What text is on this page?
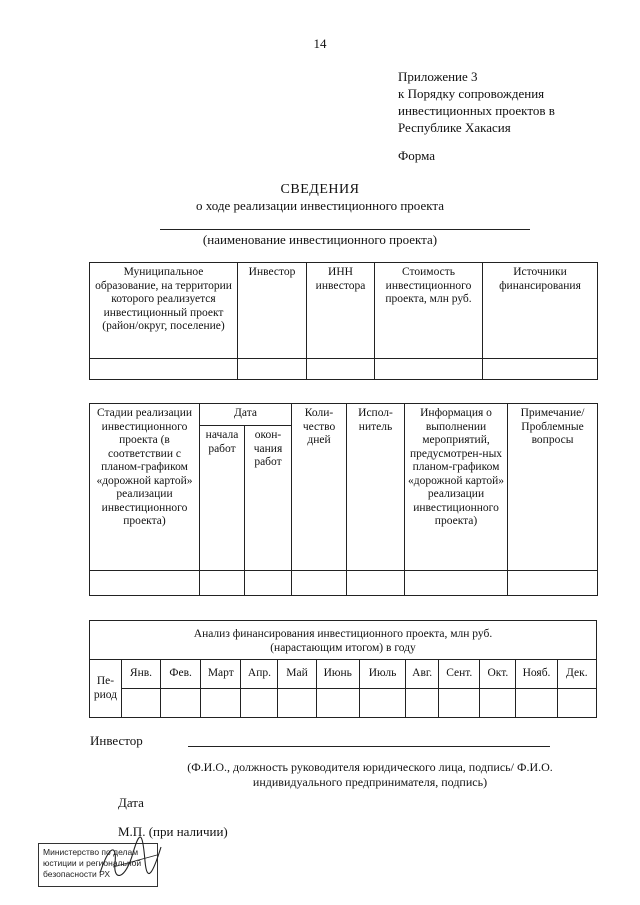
14
Приложение 3
к Порядку сопровождения
инвестиционных проектов в
Республике Хакасия
Форма
СВЕДЕНИЯ
о ходе реализации инвестиционного проекта
(наименование инвестиционного проекта)
Муниципальное образование, на территории которого реализуется инвестиционный проект (район/округ, поселение)	Инвестор	ИНН инвестора	Стоимость инвестиционного проекта, млн руб.	Источники финансирования

Стадии реализации инвестиционного проекта (в соответствии с планом-графиком «дорожной картой» реализации инвестиционного проекта)	Дата		Коли-чество дней	Испол-нитель	Информация о выполнении мероприятий, предусмотрен-ных планом-графиком «дорожной картой» реализации инвестиционного проекта)	Примечание/ Проблемные вопросы
	начала работ	окон-чания работ				

Анализ финансирования инвестиционного проекта, млн руб.
(нарастающим итогом) в году												

Пе-риод	Янв.	Фев.	Март	Апр.	Май	Июнь	Июль	Авг.	Сент.	Окт.	Нояб.	Дек.

Инвестор
(Ф.И.О., должность руководителя юридического лица, подпись/ Ф.И.О. индивидуального предпринимателя, подпись)
Дата
М.П. (при наличии)
Министерство по делам юстиции и региональной безопасности РХ
